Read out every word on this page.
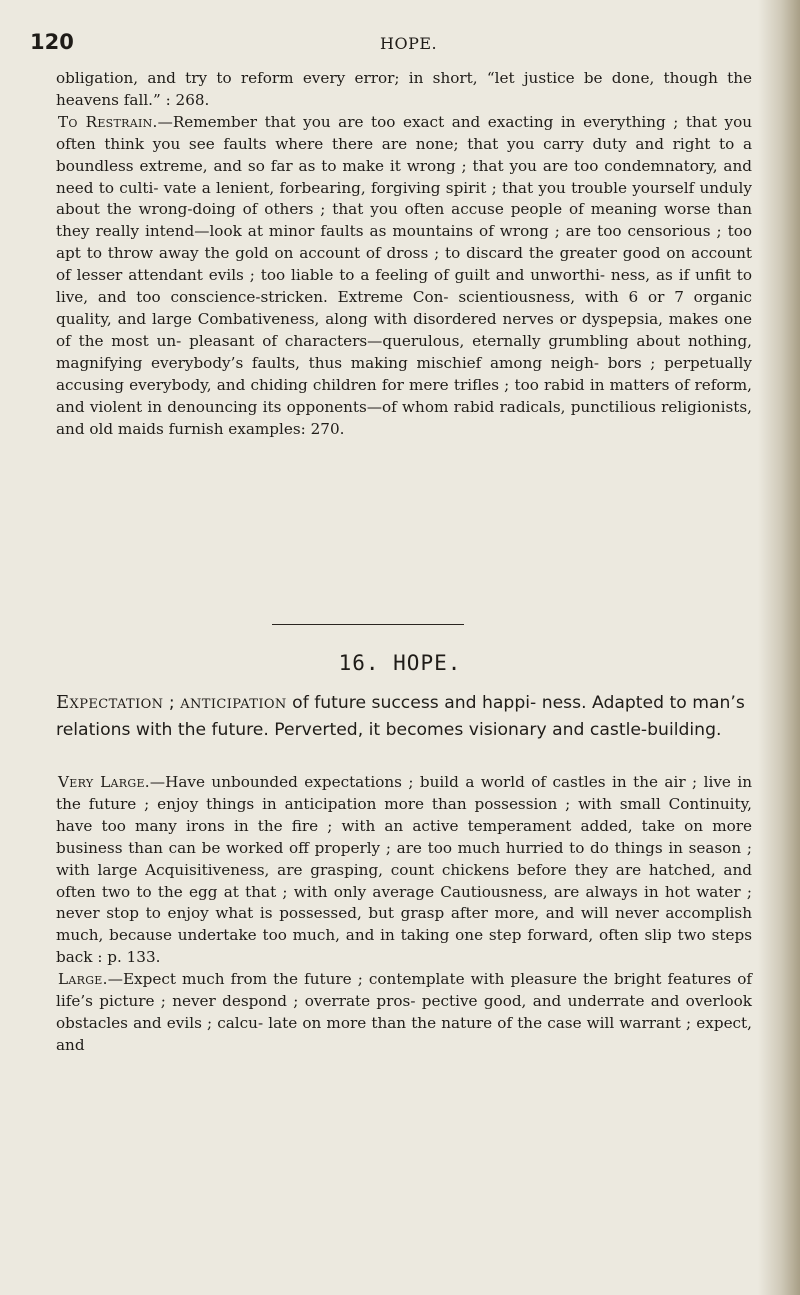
120	HOPE.

obligation, and try to reform every error; in short, “let justice be done, though the heavens fall.” : 268.

To Restrain.—Remember that you are too exact and exacting in everything ; that you often think you see faults where there are none; that you carry duty and right to a boundless extreme, and so far as to make it wrong ; that you are too condemnatory, and need to culti- vate a lenient, forbearing, forgiving spirit ; that you trouble yourself unduly about the wrong-doing of others ; that you often accuse people of meaning worse than they really intend—look at minor faults as mountains of wrong ; are too censorious ; too apt to throw away the gold on account of dross ; to discard the greater good on account of lesser attendant evils ; too liable to a feeling of guilt and unworthi- ness, as if unfit to live, and too conscience-stricken. Extreme Con- scientiousness, with 6 or 7 organic quality, and large Combativeness, along with disordered nerves or dyspepsia, makes one of the most un- pleasant of characters—querulous, eternally grumbling about nothing, magnifying everybody’s faults, thus making mischief among neigh- bors ; perpetually accusing everybody, and chiding children for mere trifles ; too rabid in matters of reform, and violent in denouncing its opponents—of whom rabid radicals, punctilious religionists, and old maids furnish examples: 270.

16. HOPE.

Expectation ; anticipation of future success and happi- ness. Adapted to man’s relations with the future. Perverted, it becomes visionary and castle-building.

Very Large.—Have unbounded expectations ; build a world of castles in the air ; live in the future ; enjoy things in anticipation more than possession ; with small Continuity, have too many irons in the fire ; with an active temperament added, take on more business than can be worked off properly ; are too much hurried to do things in season ; with large Acquisitiveness, are grasping, count chickens before they are hatched, and often two to the egg at that ; with only average Cautiousness, are always in hot water ; never stop to enjoy what is possessed, but grasp after more, and will never accomplish much, because undertake too much, and in taking one step forward, often slip two steps back : p. 133.

Large.—Expect much from the future ; contemplate with pleasure the bright features of life’s picture ; never despond ; overrate pros- pective good, and underrate and overlook obstacles and evils ; calcu- late on more than the nature of the case will warrant ; expect, and
